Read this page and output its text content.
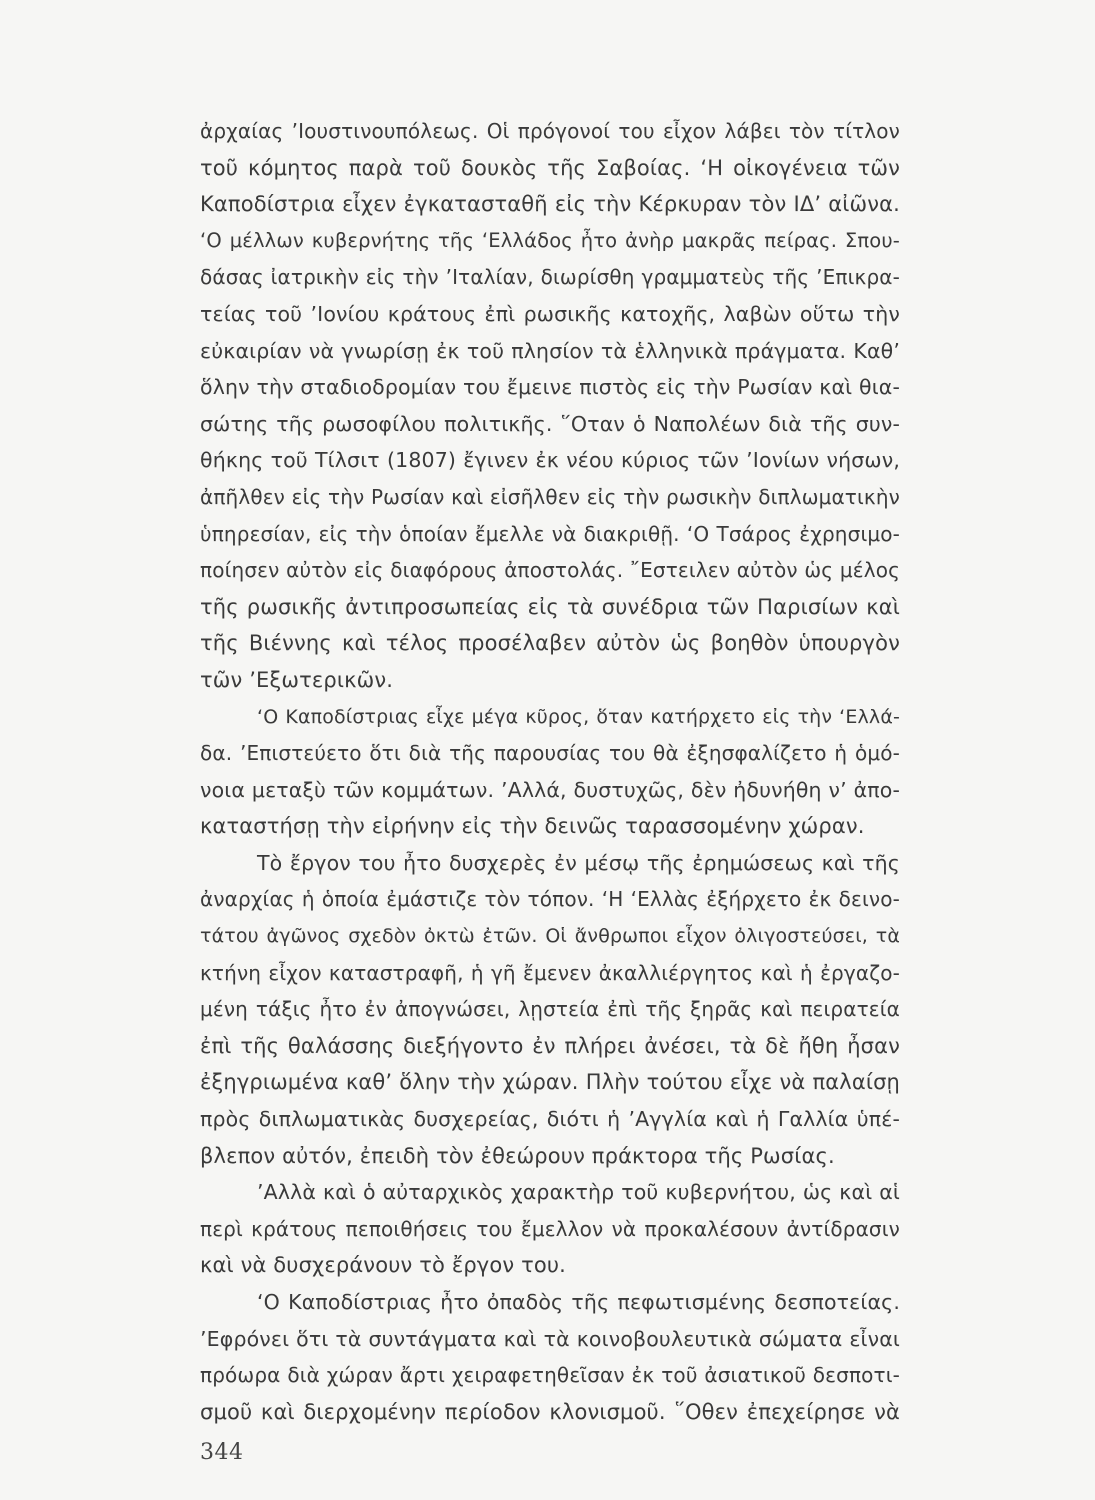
ἀρχαίας ’Ιουστινουπόλεως. Οἱ πρόγονοί του εἶχον λάβει τὸν τίτλον
τοῦ κόμητος παρὰ τοῦ δουκὸς τῆς Σαβοίας. ‘Η οἰκογένεια τῶν
Καποδίστρια εἶχεν ἐγκατασταθῆ εἰς τὴν Κέρκυραν τὸν ΙΔ’ αἰῶνα.
‘Ο μέλλων κυβερνήτης τῆς ‘Ελλάδος ἦτο ἀνὴρ μακρᾶς πείρας. Σπου-
δάσας ἰατρικὴν εἰς τὴν ’Ιταλίαν, διωρίσθη γραμματεὺς τῆς ’Επικρα-
τείας τοῦ ’Ιονίου κράτους ἐπὶ ρωσικῆς κατοχῆς, λαβὼν οὕτω τὴν
εὐκαιρίαν νὰ γνωρίσῃ ἐκ τοῦ πλησίον τὰ ἑλληνικὰ πράγματα. Καθ’
ὅλην τὴν σταδιοδρομίαν του ἔμεινε πιστὸς εἰς τὴν Ρωσίαν καὶ θια-
σώτης τῆς ρωσοφίλου πολιτικῆς. ῞Οταν ὁ Ναπολέων διὰ τῆς συν-
θήκης τοῦ Τίλσιτ (1807) ἔγινεν ἐκ νέου κύριος τῶν ’Ιονίων νήσων,
ἀπῆλθεν εἰς τὴν Ρωσίαν καὶ εἰσῆλθεν εἰς τὴν ρωσικὴν διπλωματικὴν
ὑπηρεσίαν, εἰς τὴν ὁποίαν ἔμελλε νὰ διακριθῇ. ‘Ο Τσάρος ἐχρησιμο-
ποίησεν αὐτὸν εἰς διαφόρους ἀποστολάς. ῎Εστειλεν αὐτὸν ὡς μέλος
τῆς ρωσικῆς ἀντιπροσωπείας εἰς τὰ συνέδρια τῶν Παρισίων καὶ
τῆς Βιέννης καὶ τέλος προσέλαβεν αὐτὸν ὡς βοηθὸν ὑπουργὸν
τῶν ’Εξωτερικῶν.
‘Ο Καποδίστριας εἶχε μέγα κῦρος, ὅταν κατήρχετο εἰς τὴν ‘Ελλά-
δα. ’Επιστεύετο ὅτι διὰ τῆς παρουσίας του θὰ ἐξησφαλίζετο ἡ ὁμό-
νοια μεταξὺ τῶν κομμάτων. ’Αλλά, δυστυχῶς, δὲν ἠδυνήθη ν’ ἀπο-
καταστήσῃ τὴν εἰρήνην εἰς τὴν δεινῶς ταρασσομένην χώραν.
Τὸ ἔργον του ἦτο δυσχερὲς ἐν μέσῳ τῆς ἐρημώσεως καὶ τῆς
ἀναρχίας ἡ ὁποία ἐμάστιζε τὸν τόπον. ‘Η ‘Ελλὰς ἐξήρχετο ἐκ δεινο-
τάτου ἀγῶνος σχεδὸν ὀκτὼ ἐτῶν. Οἱ ἄνθρωποι εἶχον ὀλιγοστεύσει, τὰ
κτήνη εἶχον καταστραφῆ, ἡ γῆ ἔμενεν ἀκαλλιέργητος καὶ ἡ ἐργαζο-
μένη τάξις ἦτο ἐν ἀπογνώσει, λῃστεία ἐπὶ τῆς ξηρᾶς καὶ πειρατεία
ἐπὶ τῆς θαλάσσης διεξήγοντο ἐν πλήρει ἀνέσει, τὰ δὲ ἤθη ἦσαν
ἐξηγριωμένα καθ’ ὅλην τὴν χώραν. Πλὴν τούτου εἶχε νὰ παλαίσῃ
πρὸς διπλωματικὰς δυσχερείας, διότι ἡ ’Αγγλία καὶ ἡ Γαλλία ὑπέ-
βλεπον αὐτόν, ἐπειδὴ τὸν ἐθεώρουν πράκτορα τῆς Ρωσίας.
’Αλλὰ καὶ ὁ αὐταρχικὸς χαρακτὴρ τοῦ κυβερνήτου, ὡς καὶ αἱ
περὶ κράτους πεποιθήσεις του ἔμελλον νὰ προκαλέσουν ἀντίδρασιν
καὶ νὰ δυσχεράνουν τὸ ἔργον του.
‘Ο Καποδίστριας ἦτο ὀπαδὸς τῆς πεφωτισμένης δεσποτείας.
’Εφρόνει ὅτι τὰ συντάγματα καὶ τὰ κοινοβουλευτικὰ σώματα εἶναι
πρόωρα διὰ χώραν ἄρτι χειραφετηθεῖσαν ἐκ τοῦ ἀσιατικοῦ δεσποτι-
σμοῦ καὶ διερχομένην περίοδον κλονισμοῦ. ῞Οθεν ἐπεχείρησε νὰ
344
